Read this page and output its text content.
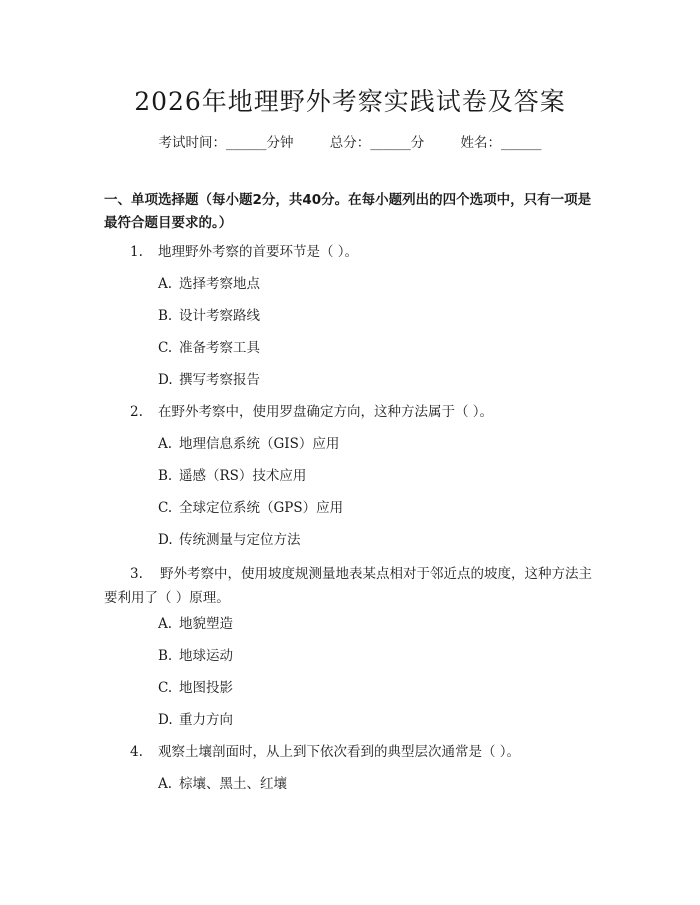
2026年地理野外考察实践试卷及答案
考试时间：______分钟	总分：______分	姓名：______
一、单项选择题（每小题2分，共40分。在每小题列出的四个选项中，只有一项是最符合题目要求的。）
1. 地理野外考察的首要环节是（ ）。
A. 选择考察地点
B. 设计考察路线
C. 准备考察工具
D. 撰写考察报告
2. 在野外考察中，使用罗盘确定方向，这种方法属于（ ）。
A. 地理信息系统（GIS）应用
B. 遥感（RS）技术应用
C. 全球定位系统（GPS）应用
D. 传统测量与定位方法
3. 野外考察中，使用坡度规测量地表某点相对于邻近点的坡度，这种方法主要利用了（ ）原理。
A. 地貌塑造
B. 地球运动
C. 地图投影
D. 重力方向
4. 观察土壤剖面时，从上到下依次看到的典型层次通常是（ ）。
A. 棕壤、黑土、红壤
